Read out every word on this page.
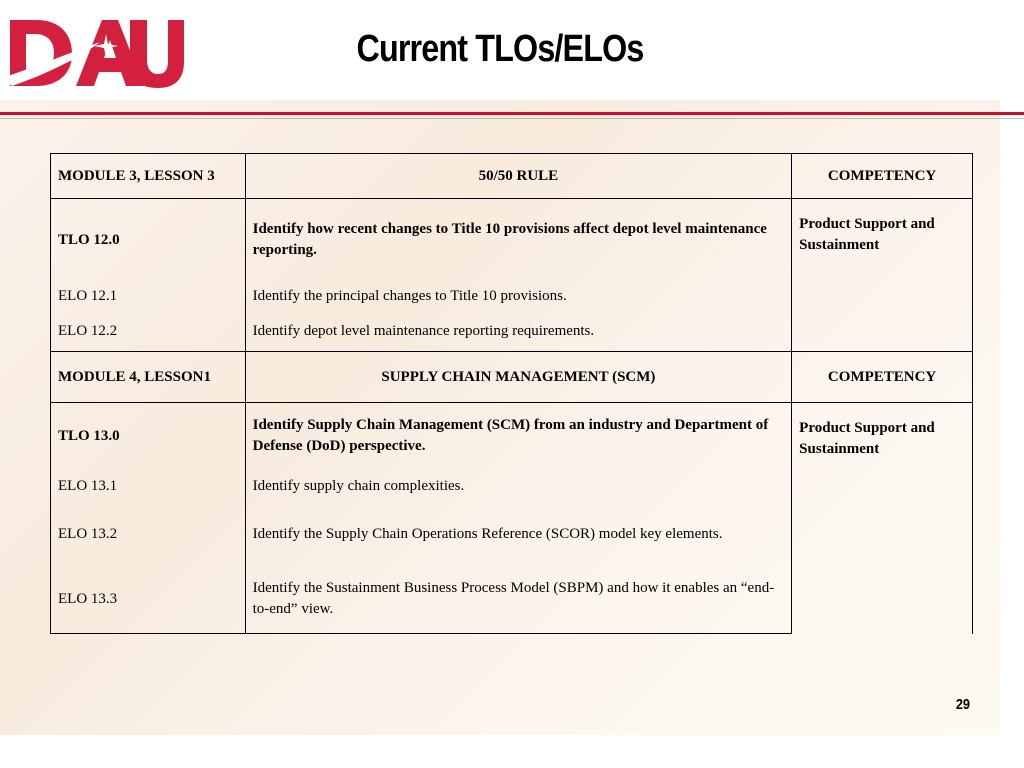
Current TLOs/ELOs
MODULE 3, LESSON 3	50/50 RULE	COMPETENCY
TLO 12.0	Identify how recent changes to Title 10 provisions affect depot level maintenance reporting.	Product Support and Sustainment
ELO 12.1	Identify the principal changes to Title 10 provisions.	
ELO 12.2	Identify depot level maintenance reporting requirements.	
MODULE 4, LESSON1	SUPPLY CHAIN MANAGEMENT (SCM)	COMPETENCY
TLO 13.0	Identify Supply Chain Management (SCM) from an industry and Department of Defense (DoD) perspective.	Product Support and Sustainment
ELO 13.1	Identify supply chain complexities.	
ELO 13.2	Identify the Supply Chain Operations Reference (SCOR) model key elements.	
ELO 13.3	Identify the Sustainment Business Process Model (SBPM) and how it enables an “end-to-end” view.	
29
